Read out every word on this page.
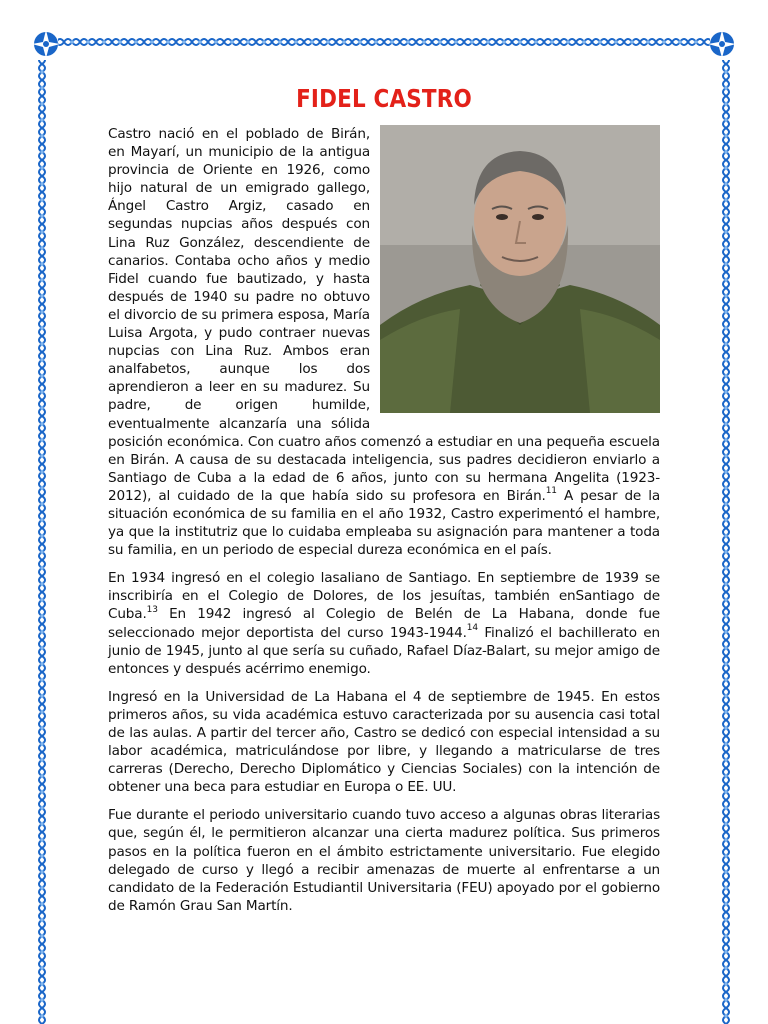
FIDEL CASTRO

Castro nació en el poblado de Birán, en Mayarí, un municipio de la antigua provincia de Oriente en 1926, como hijo natural de un emigrado gallego, Ángel Castro Argiz, casado en segundas nupcias años después con Lina Ruz González, descendiente de canarios. Contaba ocho años y medio Fidel cuando fue bautizado, y hasta después de 1940 su padre no obtuvo el divorcio de su primera esposa, María Luisa Argota, y pudo contraer nuevas nupcias con Lina Ruz. Ambos eran analfabetos, aunque los dos aprendieron a leer en su madurez. Su padre, de origen humilde, eventualmente alcanzaría una sólida posición económica. Con cuatro años comenzó a estudiar en una pequeña escuela en Birán. A causa de su destacada inteligencia, sus padres decidieron enviarlo a Santiago de Cuba a la edad de 6 años, junto con su hermana Angelita (1923-2012), al cuidado de la que había sido su profesora en Birán.$^{11}$ A pesar de la situación económica de su familia en el año 1932, Castro experimentó el hambre, ya que la institutriz que lo cuidaba empleaba su asignación para mantener a toda su familia, en un periodo de especial dureza económica en el país.

En 1934 ingresó en el colegio lasaliano de Santiago. En septiembre de 1939 se inscribiría en el Colegio de Dolores, de los jesuítas, también enSantiago de Cuba.$^{13}$ En 1942 ingresó al Colegio de Belén de La Habana, donde fue seleccionado mejor deportista del curso 1943-1944.14 Finalizó el bachillerato en junio de 1945, junto al que sería su cuñado, Rafael Díaz-Balart, su mejor amigo de entonces y después acérrimo enemigo.

Ingresó en la Universidad de La Habana el 4 de septiembre de 1945. En estos primeros años, su vida académica estuvo caracterizada por su ausencia casi total de las aulas. A partir del tercer año, Castro se dedicó con especial intensidad a su labor académica, matriculándose por libre, y llegando a matricularse de tres carreras (Derecho, Derecho Diplomático y Ciencias Sociales) con la intención de obtener una beca para estudiar en Europa o EE. UU.

Fue durante el periodo universitario cuando tuvo acceso a algunas obras literarias que, según él, le permitieron alcanzar una cierta madurez política. Sus primeros pasos en la política fueron en el ámbito estrictamente universitario. Fue elegido delegado de curso y llegó a recibir amenazas de muerte al enfrentarse a un candidato de la Federación Estudiantil Universitaria (FEU) apoyado por el gobierno de Ramón Grau San Martín.
